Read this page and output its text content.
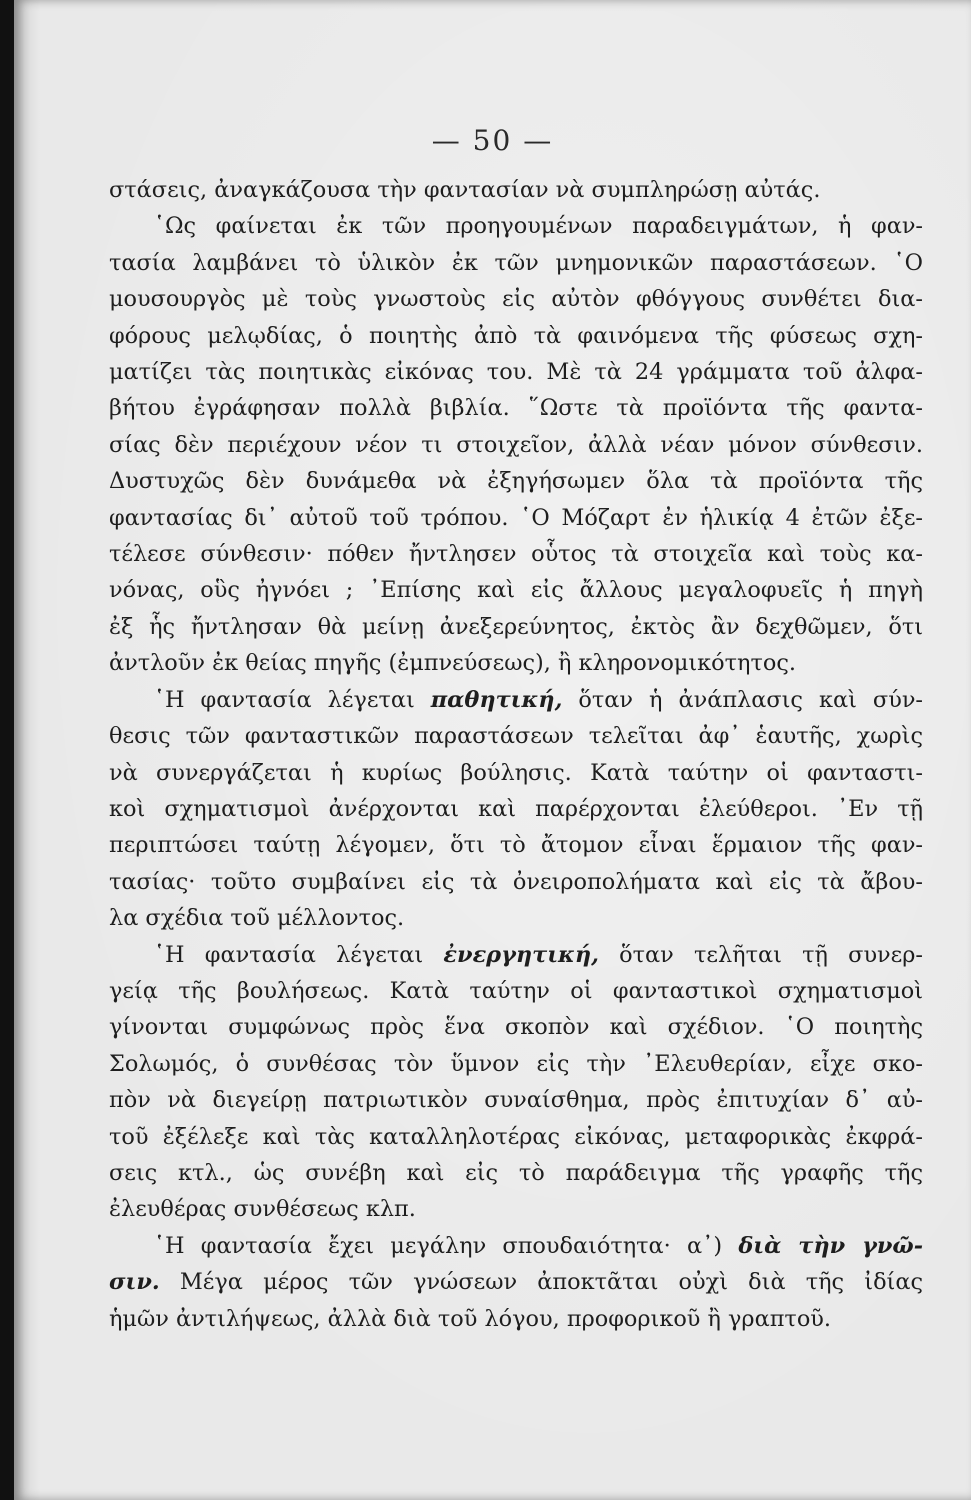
— 50 —

στάσεις, ἀναγκάζουσα τὴν φαντασίαν νὰ συμπληρώσῃ αὐτάς.

῾Ως φαίνεται ἐκ τῶν προηγουμένων παραδειγμάτων, ἡ φαν-
τασία λαμβάνει τὸ ὑλικὸν ἐκ τῶν μνημονικῶν παραστάσεων. ῾Ο
μουσουργὸς μὲ τοὺς γνωστοὺς εἰς αὐτὸν φθόγγους συνθέτει δια-
φόρους μελῳδίας, ὁ ποιητὴς ἀπὸ τὰ φαινόμενα τῆς φύσεως σχη-
ματίζει τὰς ποιητικὰς εἰκόνας του. Μὲ τὰ 24 γράμματα τοῦ ἀλφα-
βήτου ἐγράφησαν πολλὰ βιβλία. ῞Ωστε τὰ προϊόντα τῆς φαντα-
σίας δὲν περιέχουν νέον τι στοιχεῖον, ἀλλὰ νέαν μόνον σύνθεσιν.
Δυστυχῶς δὲν δυνάμεθα νὰ ἐξηγήσωμεν ὅλα τὰ προϊόντα τῆς
φαντασίας δι᾿ αὐτοῦ τοῦ τρόπου. ῾Ο Μόζαρτ ἐν ἡλικίᾳ 4 ἐτῶν ἐξε-
τέλεσε σύνθεσιν· πόθεν ἤντλησεν οὗτος τὰ στοιχεῖα καὶ τοὺς κα-
νόνας, οὓς ἠγνόει ; ᾿Επίσης καὶ εἰς ἄλλους μεγαλοφυεῖς ἡ πηγὴ
ἐξ ἧς ἤντλησαν θὰ μείνῃ ἀνεξερεύνητος, ἐκτὸς ἂν δεχθῶμεν, ὅτι
ἀντλοῦν ἐκ θείας πηγῆς (ἐμπνεύσεως), ἢ κληρονομικότητος.

῾Η φαντασία λέγεται παθητική, ὅταν ἡ ἀνάπλασις καὶ σύν-
θεσις τῶν φανταστικῶν παραστάσεων τελεῖται ἀφ᾿ ἑαυτῆς, χωρὶς
νὰ συνεργάζεται ἡ κυρίως βούλησις. Κατὰ ταύτην οἱ φανταστι-
κοὶ σχηματισμοὶ ἀνέρχονται καὶ παρέρχονται ἐλεύθεροι. ᾿Εν τῇ
περιπτώσει ταύτῃ λέγομεν, ὅτι τὸ ἄτομον εἶναι ἕρμαιον τῆς φαν-
τασίας· τοῦτο συμβαίνει εἰς τὰ ὀνειροπολήματα καὶ εἰς τὰ ἄβου-
λα σχέδια τοῦ μέλλοντος.

῾Η φαντασία λέγεται ἐνεργητική, ὅταν τελῆται τῇ συνερ-
γείᾳ τῆς βουλήσεως. Κατὰ ταύτην οἱ φανταστικοὶ σχηματισμοὶ
γίνονται συμφώνως πρὸς ἕνα σκοπὸν καὶ σχέδιον. ῾Ο ποιητὴς
Σολωμός, ὁ συνθέσας τὸν ὕμνον εἰς τὴν ᾿Ελευθερίαν, εἶχε σκο-
πὸν νὰ διεγείρῃ πατριωτικὸν συναίσθημα, πρὸς ἐπιτυχίαν δ᾿ αὐ-
τοῦ ἐξέλεξε καὶ τὰς καταλληλοτέρας εἰκόνας, μεταφορικὰς ἐκφρά-
σεις κτλ., ὡς συνέβη καὶ εἰς τὸ παράδειγμα τῆς γραφῆς τῆς
ἐλευθέρας συνθέσεως κλπ.

῾Η φαντασία ἔχει μεγάλην σπουδαιότητα· α᾿) διὰ τὴν γνῶ-
σιν. Μέγα μέρος τῶν γνώσεων ἀποκτᾶται οὐχὶ διὰ τῆς ἰδίας
ἡμῶν ἀντιλήψεως, ἀλλὰ διὰ τοῦ λόγου, προφορικοῦ ἢ γραπτοῦ.
